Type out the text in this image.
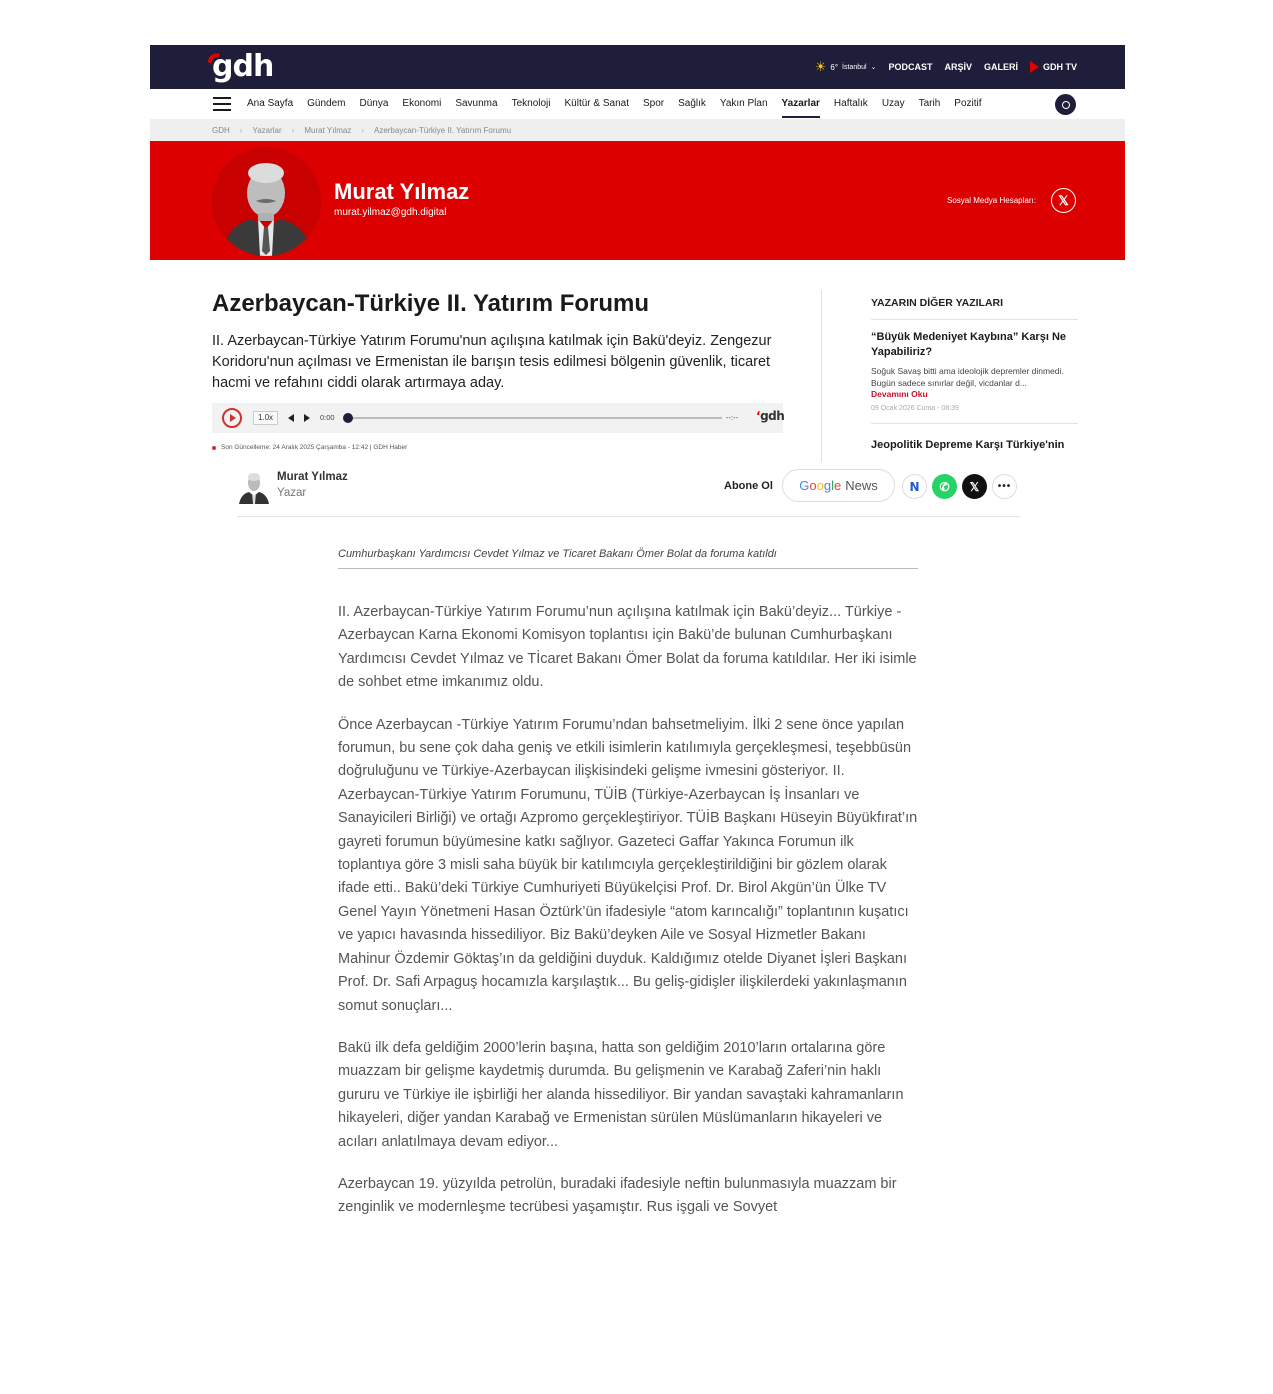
gdh	☀ 6° İstanbul ⌄ PODCAST ARŞİV GALERİ	GDH TV
Ana Sayfa Gündem Dünya Ekonomi Savunma Teknoloji Kültür & Sanat Spor Sağlık Yakın Plan Yazarlar Haftalık Uzay Tarih Pozitif
GDH › Yazarlar › Murat Yılmaz › Azerbaycan-Türkiye II. Yatırım Forumu
Murat Yılmaz
murat.yilmaz@gdh.digital
Sosyal Medya Hesapları:	𝕏
Azerbaycan-Türkiye II. Yatırım Forumu

II. Azerbaycan-Türkiye Yatırım Forumu'nun açılışına katılmak için Bakü'deyiz. Zengezur Koridoru'nun açılması ve Ermenistan ile barışın tesis edilmesi bölgenin güvenlik, ticaret hacmi ve refahını ciddi olarak artırmaya aday.

1.0x	0:00	--:-- ʻgdh
Son Güncelleme: 24 Aralık 2025 Çarşamba - 12:42 | GDH Haber
Murat Yılmaz
Yazar
Abone Ol Google News	N	✆	𝕏	•••
YAZARIN DİĞER YAZILARI
“Büyük Medeniyet Kaybına” Karşı Ne Yapabiliriz?
Soğuk Savaş bitti ama ideolojik depremler dinmedi. Bugün sadece sınırlar değil, vicdanlar d...
Devamını Oku
09 Ocak 2026 Cuma - 08:39
Jeopolitik Depreme Karşı Türkiye'nin
Cumhurbaşkanı Yardımcısı Cevdet Yılmaz ve Ticaret Bakanı Ömer Bolat da foruma katıldı

II. Azerbaycan-Türkiye Yatırım Forumu’nun açılışına katılmak için Bakü’deyiz... Türkiye -Azerbaycan Karna Ekonomi Komisyon toplantısı için Bakü’de bulunan Cumhurbaşkanı Yardımcısı Cevdet Yılmaz ve Tİcaret Bakanı Ömer Bolat da foruma katıldılar. Her iki isimle de sohbet etme imkanımız oldu.

Önce Azerbaycan -Türkiye Yatırım Forumu’ndan bahsetmeliyim. İlki 2 sene önce yapılan forumun, bu sene çok daha geniş ve etkili isimlerin katılımıyla gerçekleşmesi, teşebbüsün doğruluğunu ve Türkiye-Azerbaycan ilişkisindeki gelişme ivmesini gösteriyor. II. Azerbaycan-Türkiye Yatırım Forumunu, TÜİB (Türkiye-Azerbaycan İş İnsanları ve Sanayicileri Birliği) ve ortağı Azpromo gerçekleştiriyor. TÜİB Başkanı Hüseyin Büyükfırat’ın gayreti forumun büyümesine katkı sağlıyor. Gazeteci Gaffar Yakınca Forumun ilk toplantıya göre 3 misli saha büyük bir katılımcıyla gerçekleştirildiğini bir gözlem olarak ifade etti.. Bakü’deki Türkiye Cumhuriyeti Büyükelçisi Prof. Dr. Birol Akgün’ün Ülke TV Genel Yayın Yönetmeni Hasan Öztürk’ün ifadesiyle “atom karıncalığı” toplantının kuşatıcı ve yapıcı havasında hissediliyor. Biz Bakü’deyken Aile ve Sosyal Hizmetler Bakanı Mahinur Özdemir Göktaş’ın da geldiğini duyduk. Kaldığımız otelde Diyanet İşleri Başkanı Prof. Dr. Safi Arpaguş hocamızla karşılaştık... Bu geliş-gidişler ilişkilerdeki yakınlaşmanın somut sonuçları...

Bakü ilk defa geldiğim 2000’lerin başına, hatta son geldiğim 2010’ların ortalarına göre muazzam bir gelişme kaydetmiş durumda. Bu gelişmenin ve Karabağ Zaferi’nin haklı gururu ve Türkiye ile işbirliği her alanda hissediliyor. Bir yandan savaştaki kahramanların hikayeleri, diğer yandan Karabağ ve Ermenistan sürülen Müslümanların hikayeleri ve acıları anlatılmaya devam ediyor...

Azerbaycan 19. yüzyılda petrolün, buradaki ifadesiyle neftin bulunmasıyla muazzam bir zenginlik ve modernleşme tecrübesi yaşamıştır. Rus işgali ve Sovyet
